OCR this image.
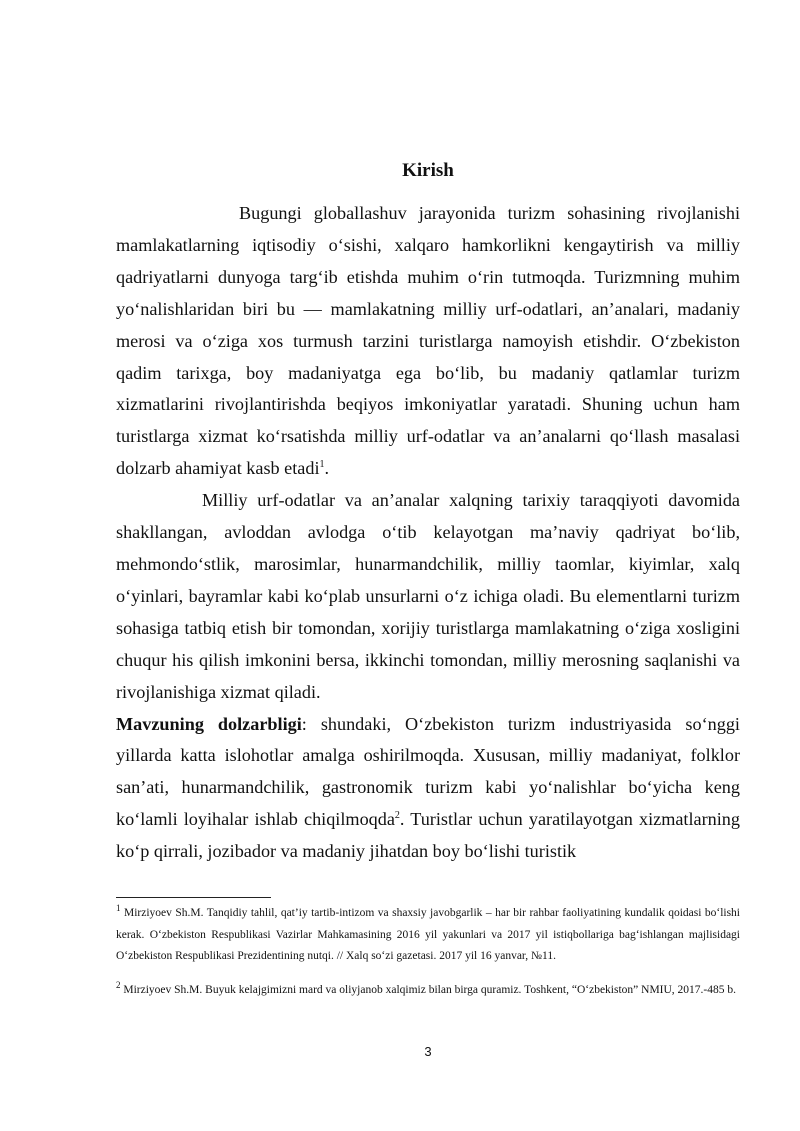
Kirish

Bugungi globallashuv jarayonida turizm sohasining rivojlanishi mamlakatlarning iqtisodiy o‘sishi, xalqaro hamkorlikni kengaytirish va milliy qadriyatlarni dunyoga targ‘ib etishda muhim o‘rin tutmoqda. Turizmning muhim yo‘nalishlaridan biri bu — mamlakatning milliy urf-odatlari, an’analari, madaniy merosi va o‘ziga xos turmush tarzini turistlarga namoyish etishdir. O‘zbekiston qadim tarixga, boy madaniyatga ega bo‘lib, bu madaniy qatlamlar turizm xizmatlarini rivojlantirishda beqiyos imkoniyatlar yaratadi. Shuning uchun ham turistlarga xizmat ko‘rsatishda milliy urf-odatlar va an’analarni qo‘llash masalasi dolzarb ahamiyat kasb etadi$^1$.

Milliy urf-odatlar va an’analar xalqning tarixiy taraqqiyoti davomida shakllangan, avloddan avlodga o‘tib kelayotgan ma’naviy qadriyat bo‘lib, mehmondo‘stlik, marosimlar, hunarmandchilik, milliy taomlar, kiyimlar, xalq o‘yinlari, bayramlar kabi ko‘plab unsurlarni o‘z ichiga oladi. Bu elementlarni turizm sohasiga tatbiq etish bir tomondan, xorijiy turistlarga mamlakatning o‘ziga xosligini chuqur his qilish imkonini bersa, ikkinchi tomondan, milliy merosning saqlanishi va rivojlanishiga xizmat qiladi.

Mavzuning dolzarbligi: shundaki, O‘zbekiston turizm industriyasida so‘nggi yillarda katta islohotlar amalga oshirilmoqda. Xususan, milliy madaniyat, folklor san’ati, hunarmandchilik, gastronomik turizm kabi yo‘nalishlar bo‘yicha keng ko‘lamli loyihalar ishlab chiqilmoqda$^2$. Turistlar uchun yaratilayotgan xizmatlarning ko‘p qirrali, jozibador va madaniy jihatdan boy bo‘lishi turistik

$^1$ Mirziyoev Sh.M. Tanqidiy tahlil, qat’iy tartib-intizom va shaxsiy javobgarlik – har bir rahbar faoliyatining kundalik qoidasi bo‘lishi kerak. O‘zbekiston Respublikasi Vazirlar Mahkamasining 2016 yil yakunlari va 2017 yil istiqbollariga bag‘ishlangan majlisidagi O‘zbekiston Respublikasi Prezidentining nutqi. // Xalq so‘zi gazetasi. 2017 yil 16 yanvar, №11.

$^2$ Mirziyoev Sh.M. Buyuk kelajgimizni mard va oliyjanob xalqimiz bilan birga quramiz. Toshkent, “O‘zbekiston” NMIU, 2017.-485 b.

3
